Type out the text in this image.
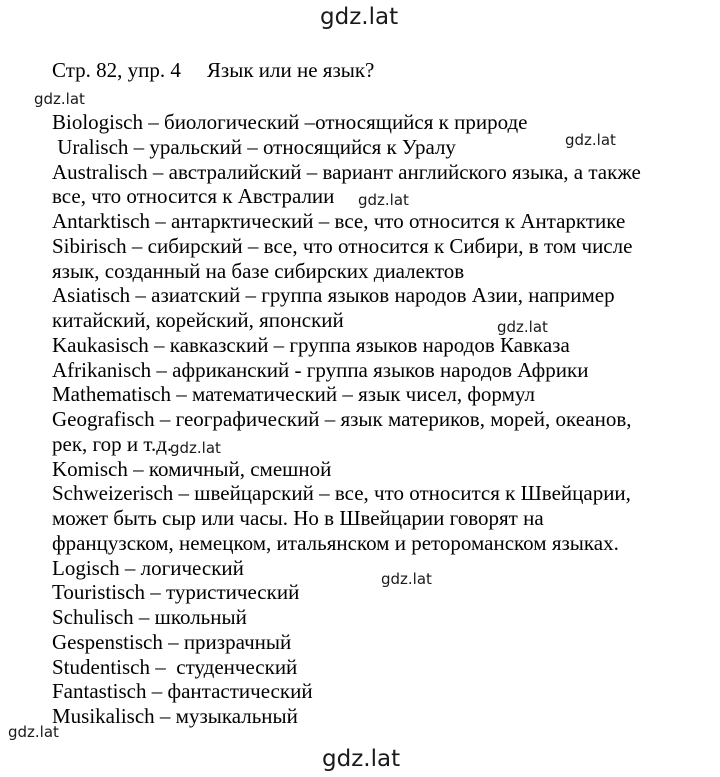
gdz.lat
gdz.lat
Стр. 82, упр. 4 Язык или не язык?
Biologisch – биологический –относящийся к природе
Uralisch – уральский – относящийся к Уралу
Australisch – австралийский – вариант английского языка, а также
все, что относится к Австралии
Antarktisch – антарктический – все, что относится к Антарктике
Sibirisch – сибирский – все, что относится к Сибири, в том числе
язык, созданный на базе сибирских диалектов
Asiatisch – азиатский – группа языков народов Азии, например
китайский, корейский, японский
Kaukasisch – кавказский – группа языков народов Кавказа
Afrikanisch – африканский - группа языков народов Африки
Mathematisch – математический – язык чисел, формул
Geografisch – географический – язык материков, морей, океанов,
рек, гор и т.д.
Komisch – комичный, смешной
Schweizerisch – швейцарский – все, что относится к Швейцарии,
может быть сыр или часы. Но в Швейцарии говорят на
французском, немецком, итальянском и ретороманском языках.
Logisch – логический
Touristisch – туристический
Schulisch – школьный
Gespenstisch – призрачный
Studentisch –  студенческий
Fantastisch – фантастический
Musikalisch – музыкальный
gdz.lat
gdz.lat
gdz.lat
gdz.lat
gdz.lat
gdz.lat
gdz.lat
